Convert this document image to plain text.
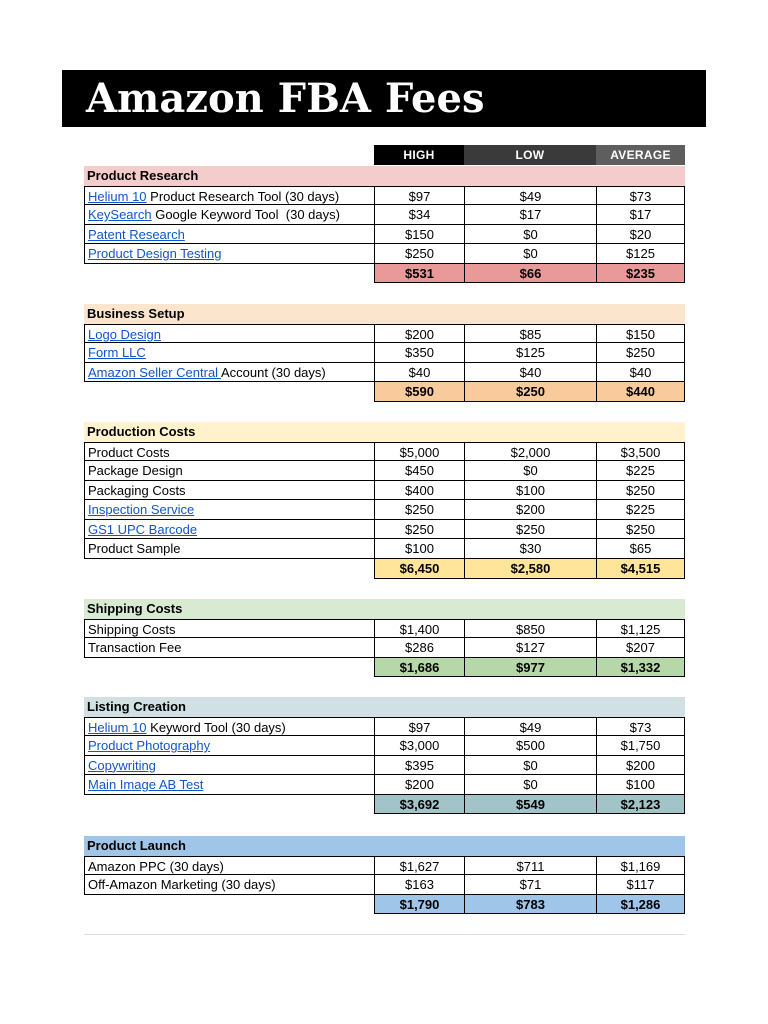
Amazon FBA Fees
HIGH	LOW	AVERAGE
Product Research
Helium 10 Product Research Tool (30 days)	$97	$49	$73
KeySearch Google Keyword Tool  (30 days)	$34	$17	$17
Patent Research	$150	$0	$20
Product Design Testing	$250	$0	$125
$531	$66	$235
Business Setup
Logo Design	$200	$85	$150
Form LLC	$350	$125	$250
Amazon Seller Central Account (30 days)	$40	$40	$40
$590	$250	$440
Production Costs
Product Costs	$5,000	$2,000	$3,500
Package Design	$450	$0	$225
Packaging Costs	$400	$100	$250
Inspection Service	$250	$200	$225
GS1 UPC Barcode	$250	$250	$250
Product Sample	$100	$30	$65
$6,450	$2,580	$4,515
Shipping Costs
Shipping Costs	$1,400	$850	$1,125
Transaction Fee	$286	$127	$207
$1,686	$977	$1,332
Listing Creation
Helium 10 Keyword Tool (30 days)	$97	$49	$73
Product Photography	$3,000	$500	$1,750
Copywriting	$395	$0	$200
Main Image AB Test	$200	$0	$100
$3,692	$549	$2,123
Product Launch
Amazon PPC (30 days)	$1,627	$711	$1,169
Off-Amazon Marketing (30 days)	$163	$71	$117
$1,790	$783	$1,286
